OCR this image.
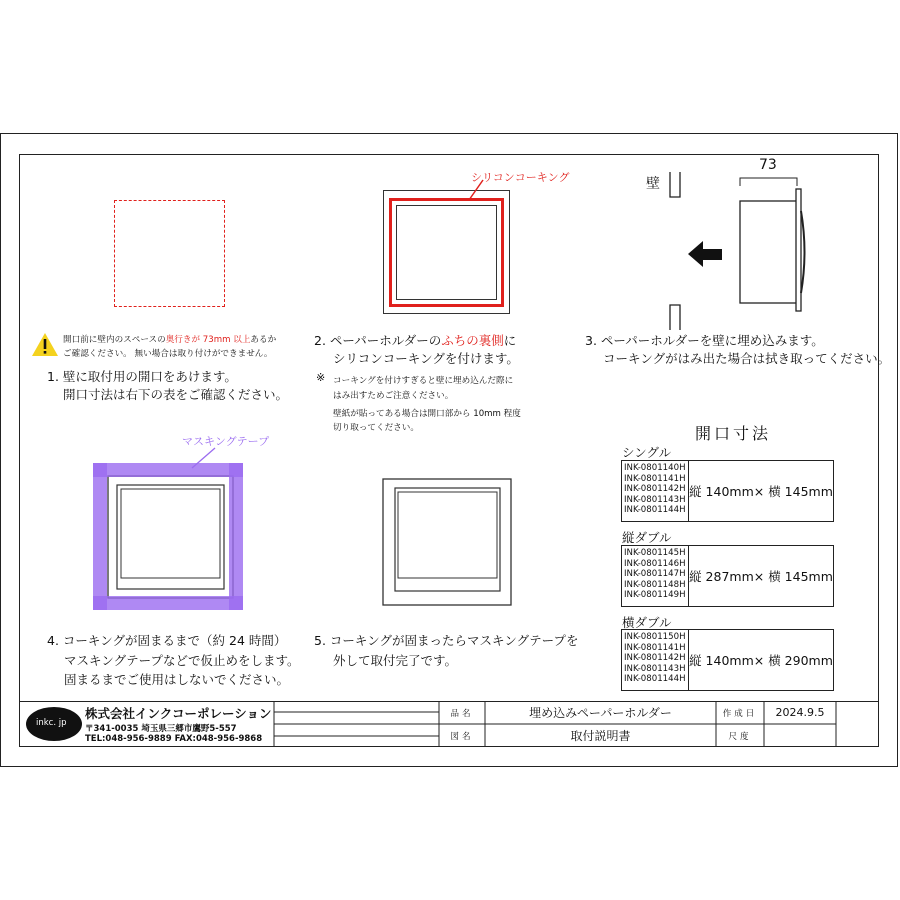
開口前に壁内のスペースの奥行きが 73mm 以上あるか
ご確認ください。 無い場合は取り付けができません。
1. 壁に取付用の開口をあけます。
開口寸法は右下の表をご確認ください。
シリコンコーキング
2. ペーパーホルダーのふちの裏側に
シリコンコーキングを付けます。
※ コーキングを付けすぎると壁に埋め込んだ際に
はみ出すためご注意ください。
壁紙が貼ってある場合は開口部から 10mm 程度
切り取ってください。
壁
73
3. ペーパーホルダーを壁に埋め込みます。
コーキングがはみ出た場合は拭き取ってください。
マスキングテープ
4. コーキングが固まるまで（約 24 時間）
マスキングテープなどで仮止めをします。
固まるまでご使用はしないでください。
5. コーキングが固まったらマスキングテープを
外して取付完了です。
開口寸法
シングル
INK-0801140H
INK-0801141H
INK-0801142H
INK-0801143H
INK-0801144H
縦 140mm× 横 145mm
縦ダブル
INK-0801145H
INK-0801146H
INK-0801147H
INK-0801148H
INK-0801149H
縦 287mm× 横 145mm
横ダブル
INK-0801150H
INK-0801141H
INK-0801142H
INK-0801143H
INK-0801144H
縦 140mm× 横 290mm
inkc. jp
株式会社インクコーポレーション
〒341-0035 埼玉県三郷市鷹野5-557
TEL:048-956-9889 FAX:048-956-9868
品名	埋め込みペーパーホルダー
図名	取付説明書
作成日	2024.9.5
尺度
